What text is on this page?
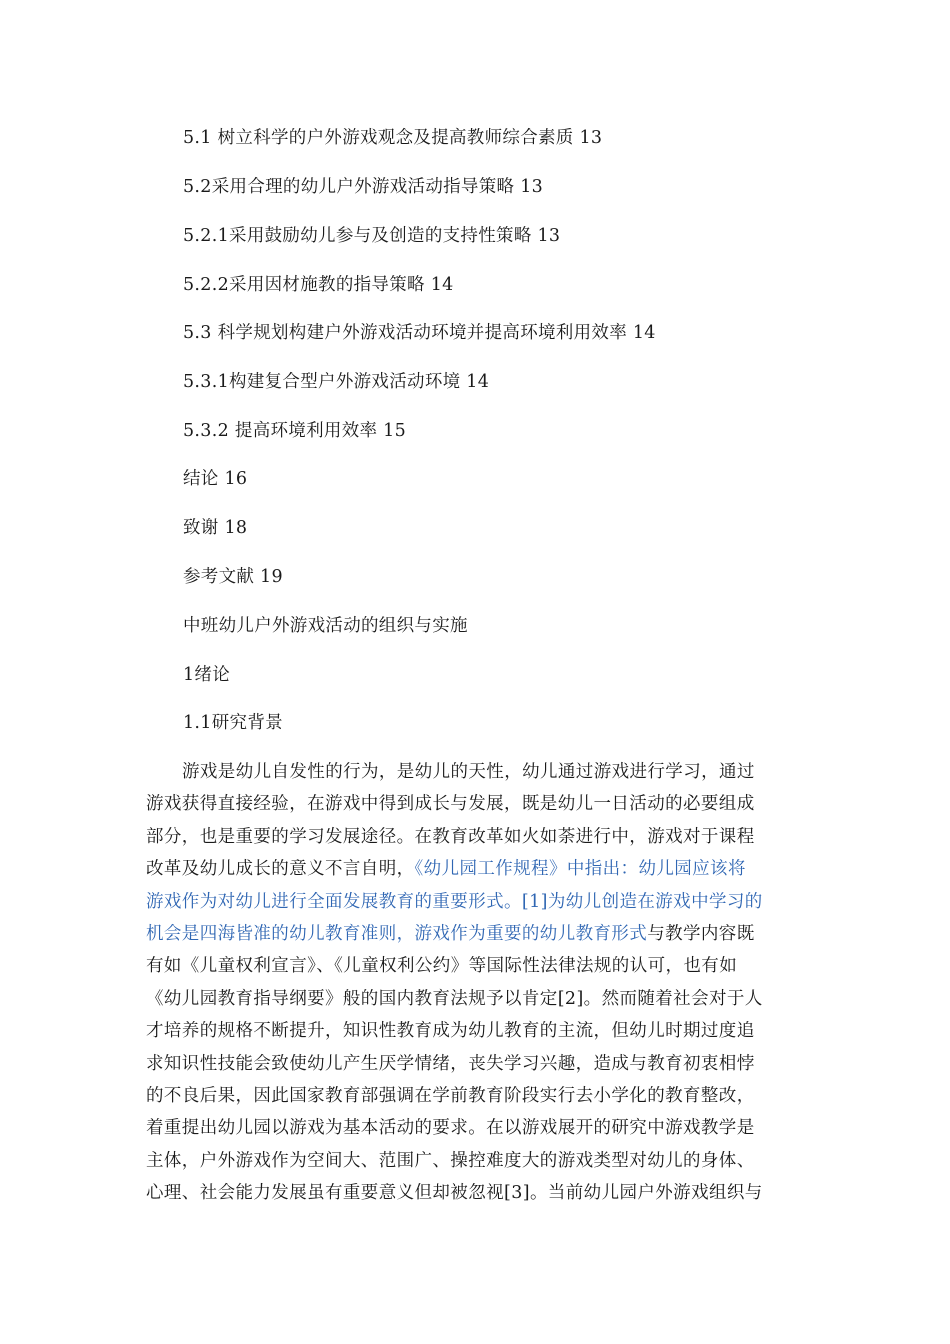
5.1 树立科学的户外游戏观念及提高教师综合素质 13
5.2采用合理的幼儿户外游戏活动指导策略 13
5.2.1采用鼓励幼儿参与及创造的支持性策略 13
5.2.2采用因材施教的指导策略 14
5.3 科学规划构建户外游戏活动环境并提高环境利用效率 14
5.3.1构建复合型户外游戏活动环境 14
5.3.2 提高环境利用效率 15
结论 16
致谢 18
参考文献 19
中班幼儿户外游戏活动的组织与实施
1绪论
1.1研究背景
游戏是幼儿自发性的行为，是幼儿的天性，幼儿通过游戏进行学习，通过
游戏获得直接经验，在游戏中得到成长与发展，既是幼儿一日活动的必要组成
部分，也是重要的学习发展途径。在教育改革如火如荼进行中，游戏对于课程
改革及幼儿成长的意义不言自明，《幼儿园工作规程》中指出：幼儿园应该将
游戏作为对幼儿进行全面发展教育的重要形式。[1]为幼儿创造在游戏中学习的
机会是四海皆准的幼儿教育准则，游戏作为重要的幼儿教育形式与教学内容既
有如《儿童权利宣言》、《儿童权利公约》等国际性法律法规的认可，也有如
《幼儿园教育指导纲要》般的国内教育法规予以肯定[2]。然而随着社会对于人
才培养的规格不断提升，知识性教育成为幼儿教育的主流，但幼儿时期过度追
求知识性技能会致使幼儿产生厌学情绪，丧失学习兴趣，造成与教育初衷相悖
的不良后果，因此国家教育部强调在学前教育阶段实行去小学化的教育整改，
着重提出幼儿园以游戏为基本活动的要求。在以游戏展开的研究中游戏教学是
主体，户外游戏作为空间大、范围广、操控难度大的游戏类型对幼儿的身体、
心理、社会能力发展虽有重要意义但却被忽视[3]。当前幼儿园户外游戏组织与
